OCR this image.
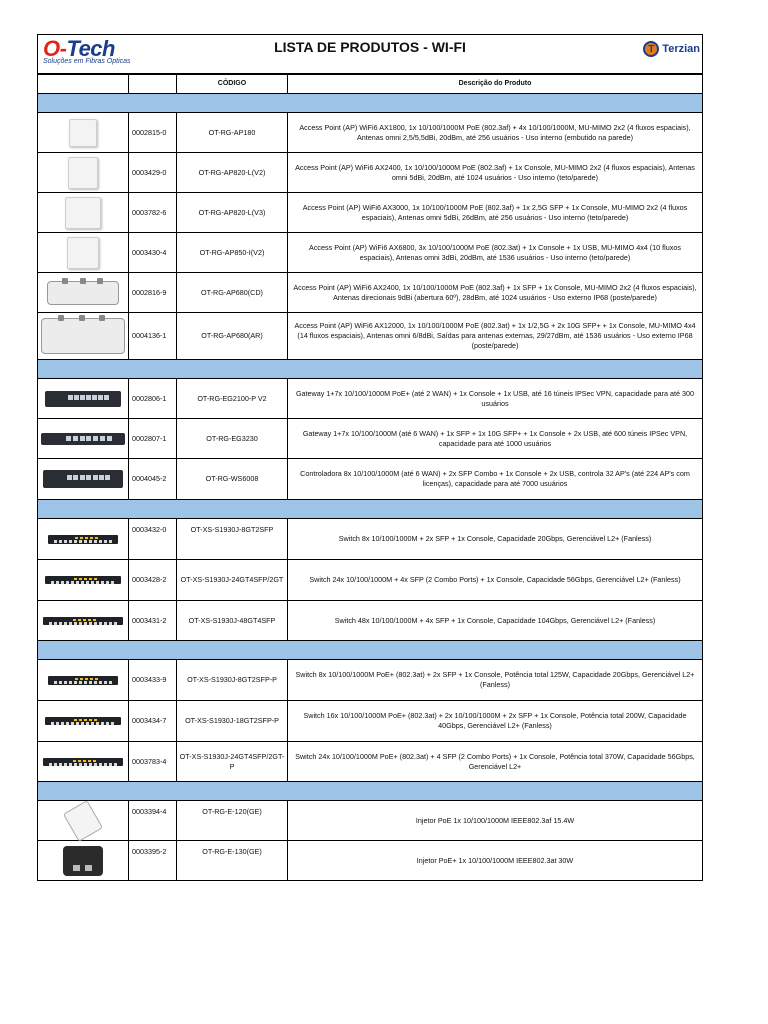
O-Tech
Soluções em Fibras Ópticas
LISTA DE PRODUTOS - WI-FI	T Terzian
		CÓDIGO	Descrição do Produto

	0002815-0	OT-RG-AP180	Access Point (AP) WiFi6 AX1800, 1x 10/100/1000M PoE (802.3af) + 4x 10/100/1000M, MU-MIMO 2x2 (4 fluxos espaciais), Antenas omni 2,5/5,5dBi, 20dBm, até 256 usuários - Uso interno (embutido na parede)

	0003429-0	OT-RG-AP820-L(V2)	Access Point (AP) WiFi6 AX2400, 1x 10/100/1000M PoE (802.3af) + 1x Console, MU-MIMO 2x2 (4 fluxos espaciais), Antenas omni 5dBi, 20dBm, até 1024 usuários - Uso interno (teto/parede)

	0003782-6	OT-RG-AP820-L(V3)	Access Point (AP) WiFi6 AX3000, 1x 10/100/1000M PoE (802.3af) + 1x 2,5G SFP + 1x Console, MU-MIMO 2x2 (4 fluxos espaciais), Antenas omni 5dBi, 26dBm, até 256 usuários - Uso interno (teto/parede)

	0003430-4	OT-RG-AP850-I(V2)	Access Point (AP) WiFi6 AX6800, 3x 10/100/1000M PoE (802.3at) + 1x Console + 1x USB, MU-MIMO 4x4 (10 fluxos espaciais), Antenas omni 3dBi, 20dBm, até 1536 usuários - Uso interno (teto/parede)

	0002816-9	OT-RG-AP680(CD)	Access Point (AP) WiFi6 AX2400, 1x 10/100/1000M PoE (802.3af) + 1x SFP + 1x Console, MU-MIMO 2x2 (4 fluxos espaciais), Antenas direcionais 9dBi (abertura 60º), 28dBm, até 1024 usuários - Uso externo IP68 (poste/parede)

	0004136-1	OT-RG-AP680(AR)	Access Point (AP) WiFi6 AX12000, 1x 10/100/1000M PoE (802.3at) + 1x 1/2,5G + 2x 10G SFP+ + 1x Console, MU-MIMO 4x4 (14 fluxos espaciais), Antenas omni 6/8dBi, Saídas para antenas externas, 29/27dBm, até 1536 usuários - Uso externo IP68 (poste/parede)

	0002806-1	OT-RG-EG2100-P V2	Gateway 1+7x 10/100/1000M PoE+ (até 2 WAN) + 1x Console + 1x USB, até 16 túneis IPSec VPN, capacidade para até 300 usuários

	0002807-1	OT-RG-EG3230	Gateway 1+7x 10/100/1000M (até 6 WAN) + 1x SFP + 1x 10G SFP+ + 1x Console + 2x USB, até 600 túneis IPSec VPN, capacidade para até 1000 usuários

	0004045-2	OT-RG-WS6008	Controladora 8x 10/100/1000M (até 6 WAN) + 2x SFP Combo + 1x Console + 2x USB, controla 32 AP's (até 224 AP's com licenças), capacidade para até 7000 usuários

	0003432-0	OT-XS-S1930J-8GT2SFP	Switch 8x 10/100/1000M + 2x SFP + 1x Console, Capacidade 20Gbps, Gerenciável L2+ (Fanless)

	0003428-2	OT-XS-S1930J-24GT4SFP/2GT	Switch 24x 10/100/1000M + 4x SFP (2 Combo Ports) + 1x Console, Capacidade 56Gbps, Gerenciável L2+ (Fanless)

	0003431-2	OT-XS-S1930J-48GT4SFP	Switch 48x 10/100/1000M + 4x SFP + 1x Console, Capacidade 104Gbps, Gerenciável L2+ (Fanless)

	0003433-9	OT-XS-S1930J-8GT2SFP-P	Switch 8x 10/100/1000M PoE+ (802.3at) + 2x SFP + 1x Console, Potência total 125W, Capacidade 20Gbps, Gerenciável L2+ (Fanless)

	0003434-7	OT-XS-S1930J-18GT2SFP-P	Switch 16x 10/100/1000M PoE+ (802.3at) + 2x 10/100/1000M + 2x SFP + 1x Console, Potência total 200W, Capacidade 40Gbps, Gerenciável L2+ (Fanless)

	0003783-4	OT-XS-S1930J-24GT4SFP/2GT-P	Switch 24x 10/100/1000M PoE+ (802.3at) + 4 SFP (2 Combo Ports) + 1x Console, Potência total 370W, Capacidade 56Gbps, Gerenciável L2+

	0003394-4	OT-RG-E-120(GE)	Injetor PoE 1x 10/100/1000M IEEE802.3af 15.4W

	0003395-2	OT-RG-E-130(GE)	Injetor PoE+ 1x 10/100/1000M IEEE802.3at 30W
